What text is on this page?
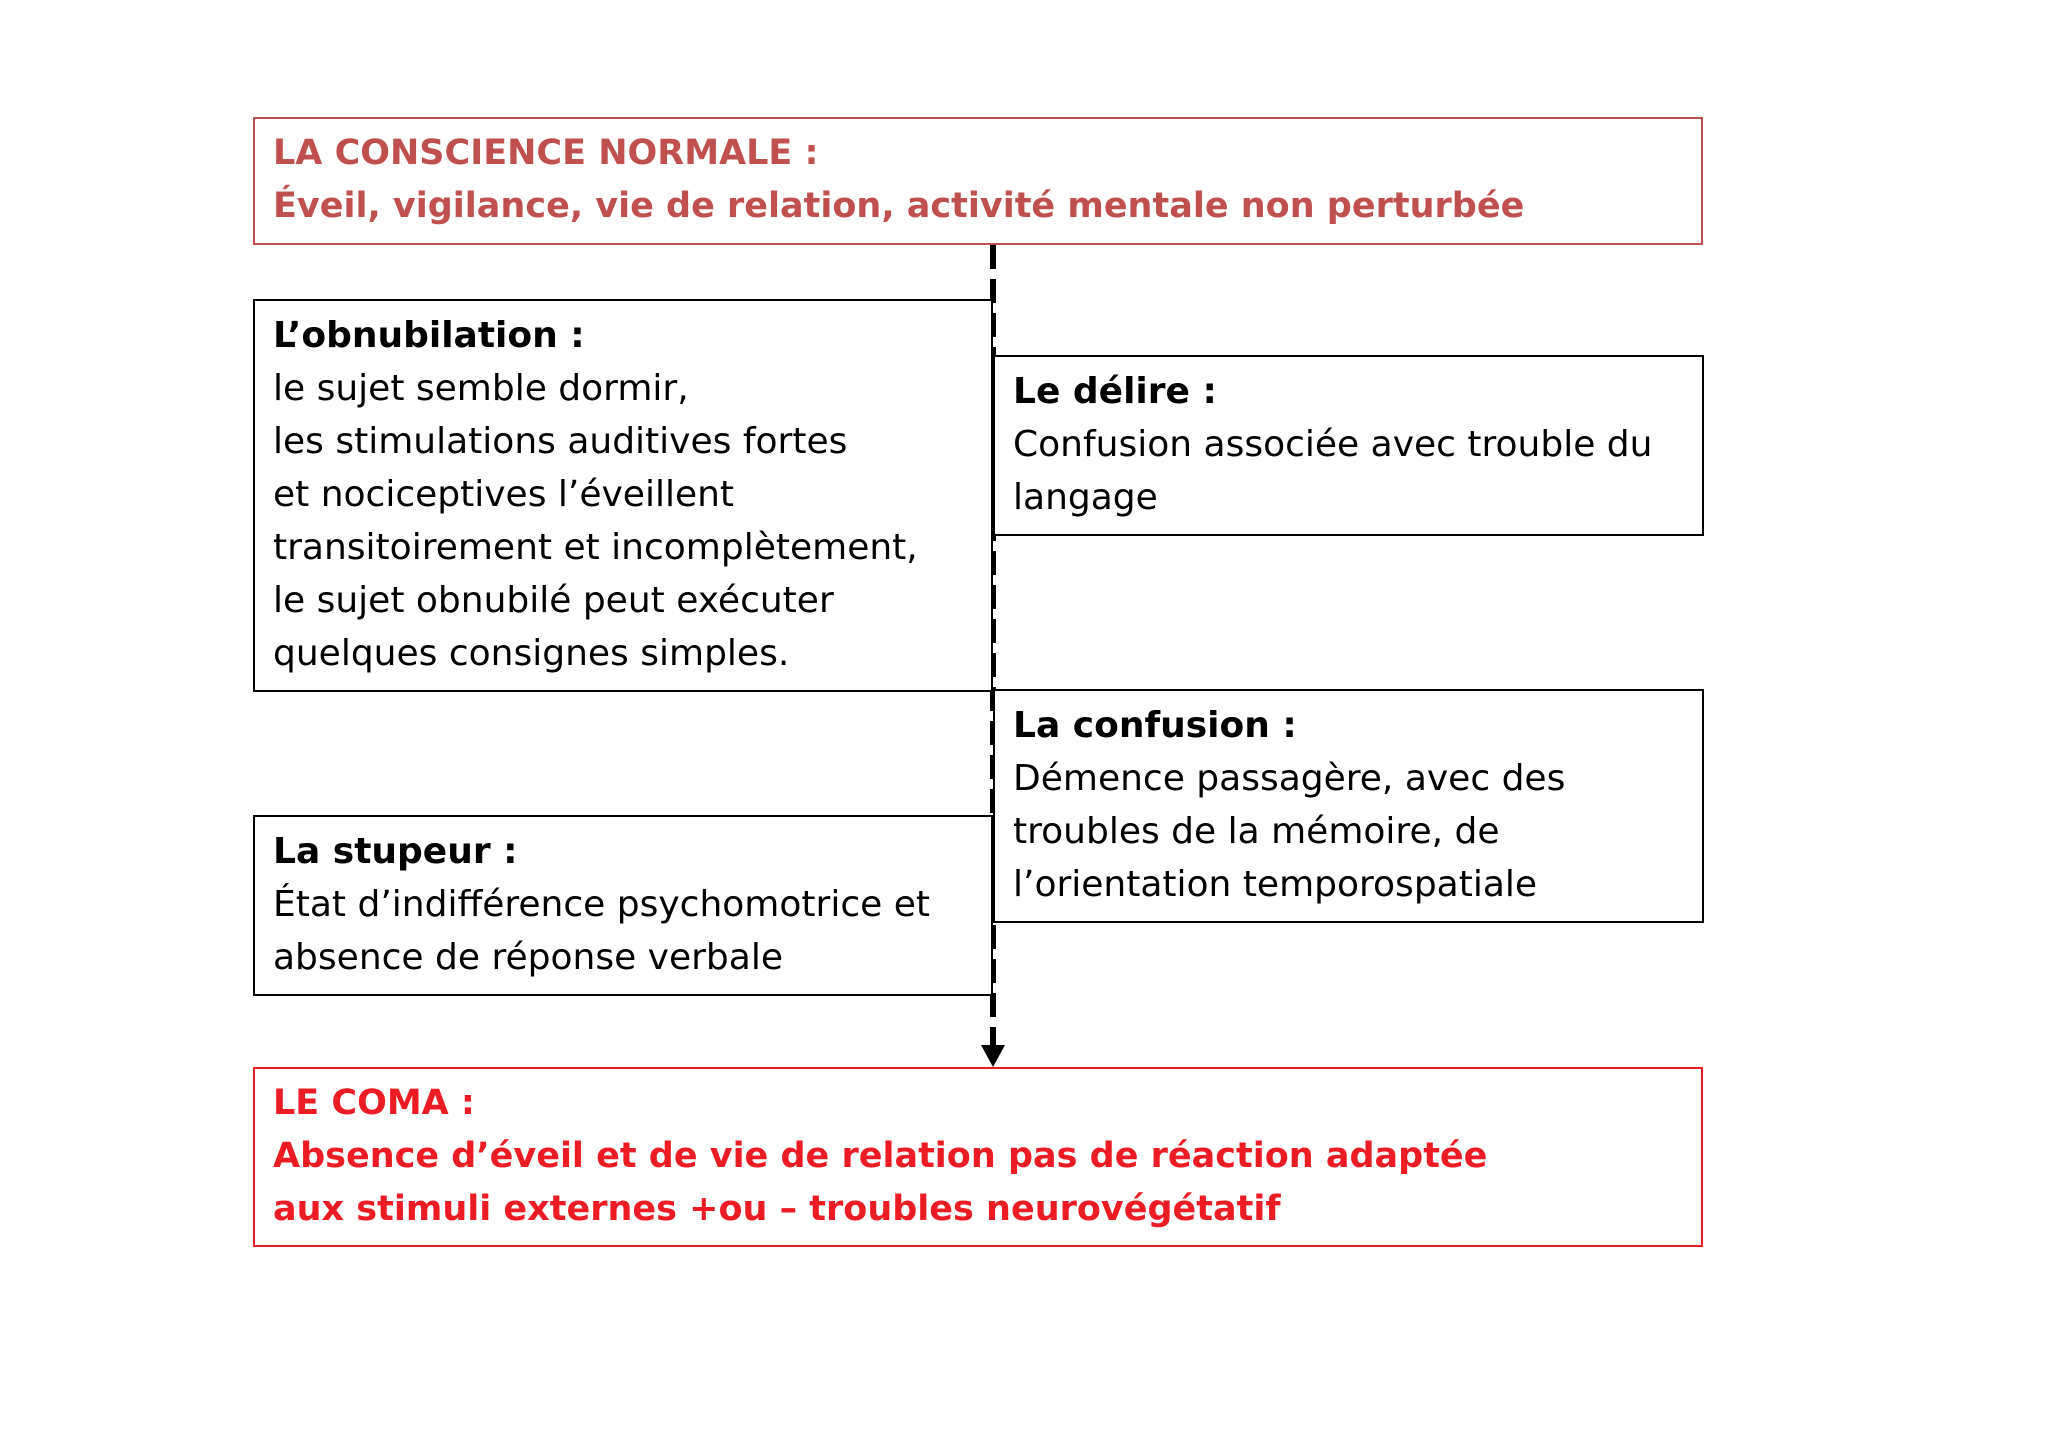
LA CONSCIENCE NORMALE :
Éveil, vigilance, vie de relation, activité mentale non perturbée
L’obnubilation :
le sujet semble dormir,
les stimulations auditives fortes
et nociceptives l’éveillent
transitoirement et incomplètement,
le sujet obnubilé peut exécuter
quelques consignes simples.
Le délire :
Confusion associée avec trouble du
langage
La confusion :
Démence passagère, avec des
troubles de la mémoire, de
l’orientation temporospatiale
La stupeur :
État d’indifférence psychomotrice et
absence de réponse verbale
LE COMA :
Absence d’éveil et de vie de relation pas de réaction adaptée
aux stimuli externes +ou – troubles neurovégétatif
